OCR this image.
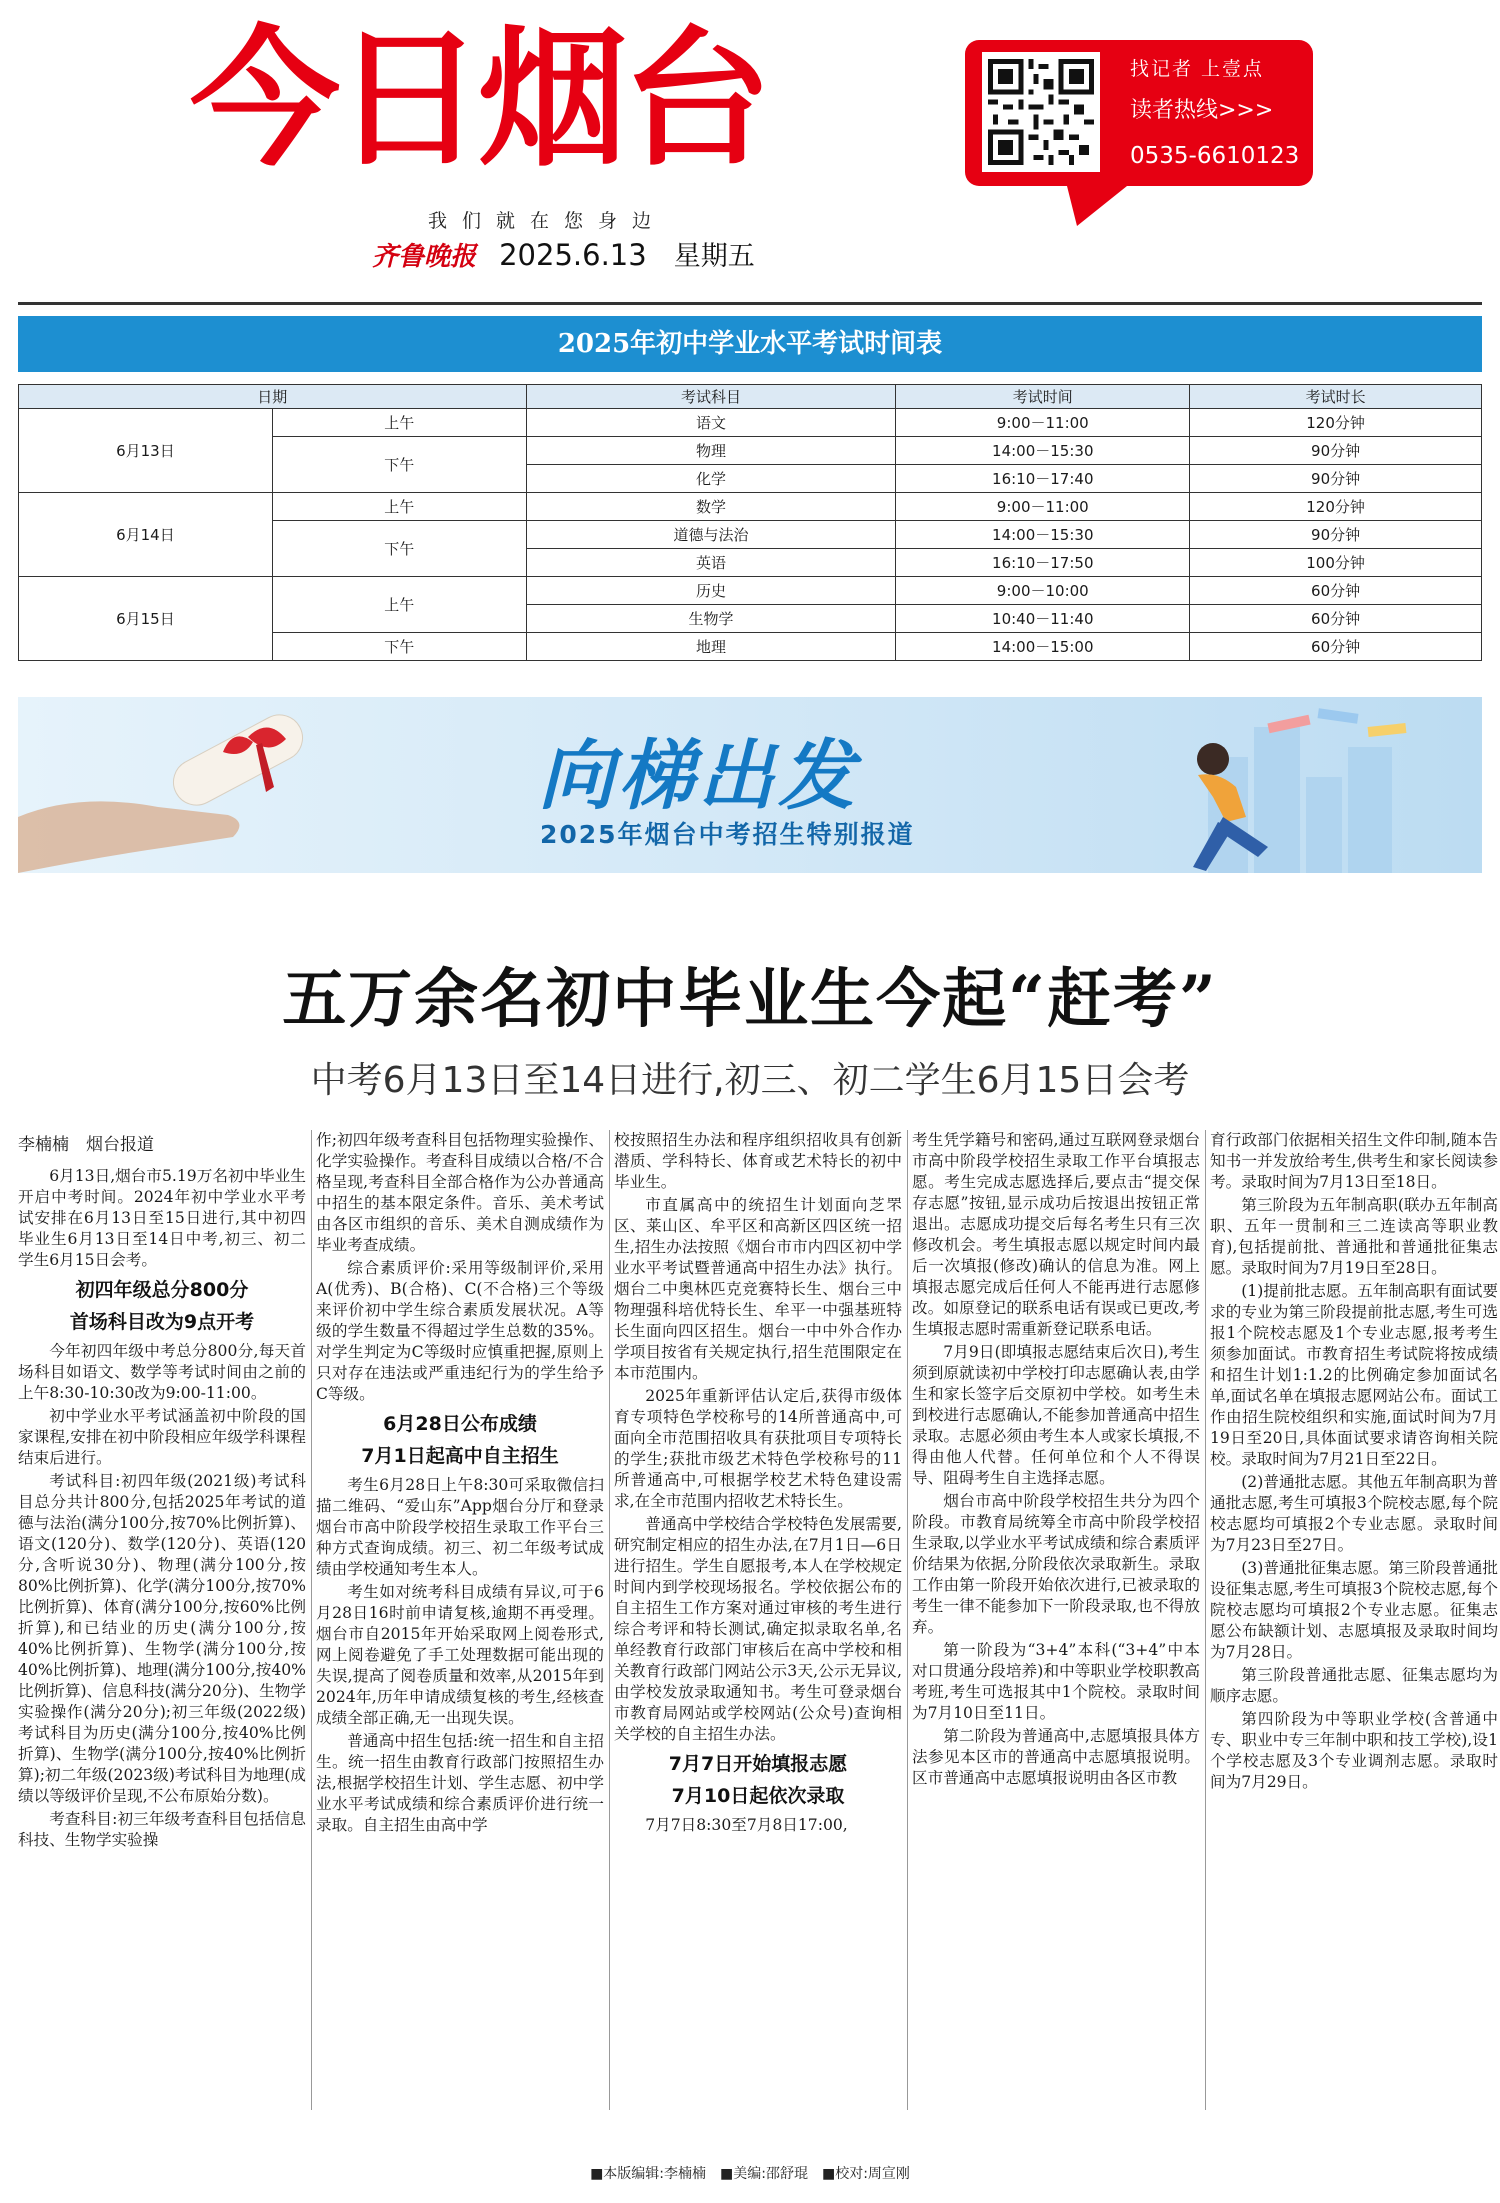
今日烟台
我们就在您身边
齐鲁晚报 2025.6.13 星期五
找记者 上壹点
读者热线>>>
0535-6610123
2025年初中学业水平考试时间表
日期		考试科目	考试时间	考试时长
6月13日	上午	语文	9:00－11:00	120分钟
	下午	物理	14:00－15:30	90分钟
		化学	16:10－17:40	90分钟
6月14日	上午	数学	9:00－11:00	120分钟
	下午	道德与法治	14:00－15:30	90分钟
		英语	16:10－17:50	100分钟
6月15日	上午	历史	9:00－10:00	60分钟
		生物学	10:40－11:40	60分钟
	下午	地理	14:00－15:00	60分钟
向梯出发
2025年烟台中考招生特别报道
五万余名初中毕业生今起“赶考”
中考6月13日至14日进行,初三、初二学生6月15日会考
李楠楠　烟台报道

6月13日,烟台市5.19万名初中毕业生开启中考时间。2024年初中学业水平考试安排在6月13日至15日进行,其中初四毕业生6月13日至14日中考,初三、初二学生6月15日会考。

初四年级总分800分
首场科目改为9点开考

今年初四年级中考总分800分,每天首场科目如语文、数学等考试时间由之前的上午8:30-10:30改为9:00-11:00。

初中学业水平考试涵盖初中阶段的国家课程,安排在初中阶段相应年级学科课程结束后进行。

考试科目:初四年级(2021级)考试科目总分共计800分,包括2025年考试的道德与法治(满分100分,按70%比例折算)、语文(120分)、数学(120分)、英语(120分,含听说30分)、物理(满分100分,按80%比例折算)、化学(满分100分,按70%比例折算)、体育(满分100分,按60%比例折算),和已结业的历史(满分100分,按40%比例折算)、生物学(满分100分,按40%比例折算)、地理(满分100分,按40%比例折算)、信息科技(满分20分)、生物学实验操作(满分20分);初三年级(2022级)考试科目为历史(满分100分,按40%比例折算)、生物学(满分100分,按40%比例折算);初二年级(2023级)考试科目为地理(成绩以等级评价呈现,不公布原始分数)。

考查科目:初三年级考查科目包括信息科技、生物学实验操

作;初四年级考查科目包括物理实验操作、化学实验操作。考查科目成绩以合格/不合格呈现,考查科目全部合格作为公办普通高中招生的基本限定条件。音乐、美术考试由各区市组织的音乐、美术自测成绩作为毕业考查成绩。

综合素质评价:采用等级制评价,采用A(优秀)、B(合格)、C(不合格)三个等级来评价初中学生综合素质发展状况。A等级的学生数量不得超过学生总数的35%。对学生判定为C等级时应慎重把握,原则上只对存在违法或严重违纪行为的学生给予C等级。

6月28日公布成绩
7月1日起高中自主招生

考生6月28日上午8:30可采取微信扫描二维码、“爱山东”App烟台分厅和登录烟台市高中阶段学校招生录取工作平台三种方式查询成绩。初三、初二年级考试成绩由学校通知考生本人。

考生如对统考科目成绩有异议,可于6月28日16时前申请复核,逾期不再受理。烟台市自2015年开始采取网上阅卷形式,网上阅卷避免了手工处理数据可能出现的失误,提高了阅卷质量和效率,从2015年到2024年,历年申请成绩复核的考生,经核查成绩全部正确,无一出现失误。

普通高中招生包括:统一招生和自主招生。统一招生由教育行政部门按照招生办法,根据学校招生计划、学生志愿、初中学业水平考试成绩和综合素质评价进行统一录取。自主招生由高中学

校按照招生办法和程序组织招收具有创新潜质、学科特长、体育或艺术特长的初中毕业生。

市直属高中的统招生计划面向芝罘区、莱山区、牟平区和高新区四区统一招生,招生办法按照《烟台市市内四区初中学业水平考试暨普通高中招生办法》执行。烟台二中奥林匹克竞赛特长生、烟台三中物理强科培优特长生、牟平一中强基班特长生面向四区招生。烟台一中中外合作办学项目按省有关规定执行,招生范围限定在本市范围内。

2025年重新评估认定后,获得市级体育专项特色学校称号的14所普通高中,可面向全市范围招收具有获批项目专项特长的学生;获批市级艺术特色学校称号的11所普通高中,可根据学校艺术特色建设需求,在全市范围内招收艺术特长生。

普通高中学校结合学校特色发展需要,研究制定相应的招生办法,在7月1日—6日进行招生。学生自愿报考,本人在学校规定时间内到学校现场报名。学校依据公布的自主招生工作方案对通过审核的考生进行综合考评和特长测试,确定拟录取名单,名单经教育行政部门审核后在高中学校和相关教育行政部门网站公示3天,公示无异议,由学校发放录取通知书。考生可登录烟台市教育局网站或学校网站(公众号)查询相关学校的自主招生办法。

7月7日开始填报志愿
7月10日起依次录取

7月7日8:30至7月8日17:00,

考生凭学籍号和密码,通过互联网登录烟台市高中阶段学校招生录取工作平台填报志愿。考生完成志愿选择后,要点击“提交保存志愿”按钮,显示成功后按退出按钮正常退出。志愿成功提交后每名考生只有三次修改机会。考生填报志愿以规定时间内最后一次填报(修改)确认的信息为准。网上填报志愿完成后任何人不能再进行志愿修改。如原登记的联系电话有误或已更改,考生填报志愿时需重新登记联系电话。

7月9日(即填报志愿结束后次日),考生须到原就读初中学校打印志愿确认表,由学生和家长签字后交原初中学校。如考生未到校进行志愿确认,不能参加普通高中招生录取。志愿必须由考生本人或家长填报,不得由他人代替。任何单位和个人不得误导、阻碍考生自主选择志愿。

烟台市高中阶段学校招生共分为四个阶段。市教育局统筹全市高中阶段学校招生录取,以学业水平考试成绩和综合素质评价结果为依据,分阶段依次录取新生。录取工作由第一阶段开始依次进行,已被录取的考生一律不能参加下一阶段录取,也不得放弃。

第一阶段为“3+4”本科(“3+4”中本对口贯通分段培养)和中等职业学校职教高考班,考生可选报其中1个院校。录取时间为7月10日至11日。

第二阶段为普通高中,志愿填报具体方法参见本区市的普通高中志愿填报说明。区市普通高中志愿填报说明由各区市教

育行政部门依据相关招生文件印制,随本告知书一并发放给考生,供考生和家长阅读参考。录取时间为7月13日至18日。

第三阶段为五年制高职(联办五年制高职、五年一贯制和三二连读高等职业教育),包括提前批、普通批和普通批征集志愿。录取时间为7月19日至28日。

(1)提前批志愿。五年制高职有面试要求的专业为第三阶段提前批志愿,考生可选报1个院校志愿及1个专业志愿,报考考生须参加面试。市教育招生考试院将按成绩和招生计划1:1.2的比例确定参加面试名单,面试名单在填报志愿网站公布。面试工作由招生院校组织和实施,面试时间为7月19日至20日,具体面试要求请咨询相关院校。录取时间为7月21日至22日。

(2)普通批志愿。其他五年制高职为普通批志愿,考生可填报3个院校志愿,每个院校志愿均可填报2个专业志愿。录取时间为7月23日至27日。

(3)普通批征集志愿。第三阶段普通批设征集志愿,考生可填报3个院校志愿,每个院校志愿均可填报2个专业志愿。征集志愿公布缺额计划、志愿填报及录取时间均为7月28日。

第三阶段普通批志愿、征集志愿均为顺序志愿。

第四阶段为中等职业学校(含普通中专、职业中专三年制中职和技工学校),设1个学校志愿及3个专业调剂志愿。录取时间为7月29日。

■本版编辑:李楠楠　■美编:邵舒琨　■校对:周宣刚
